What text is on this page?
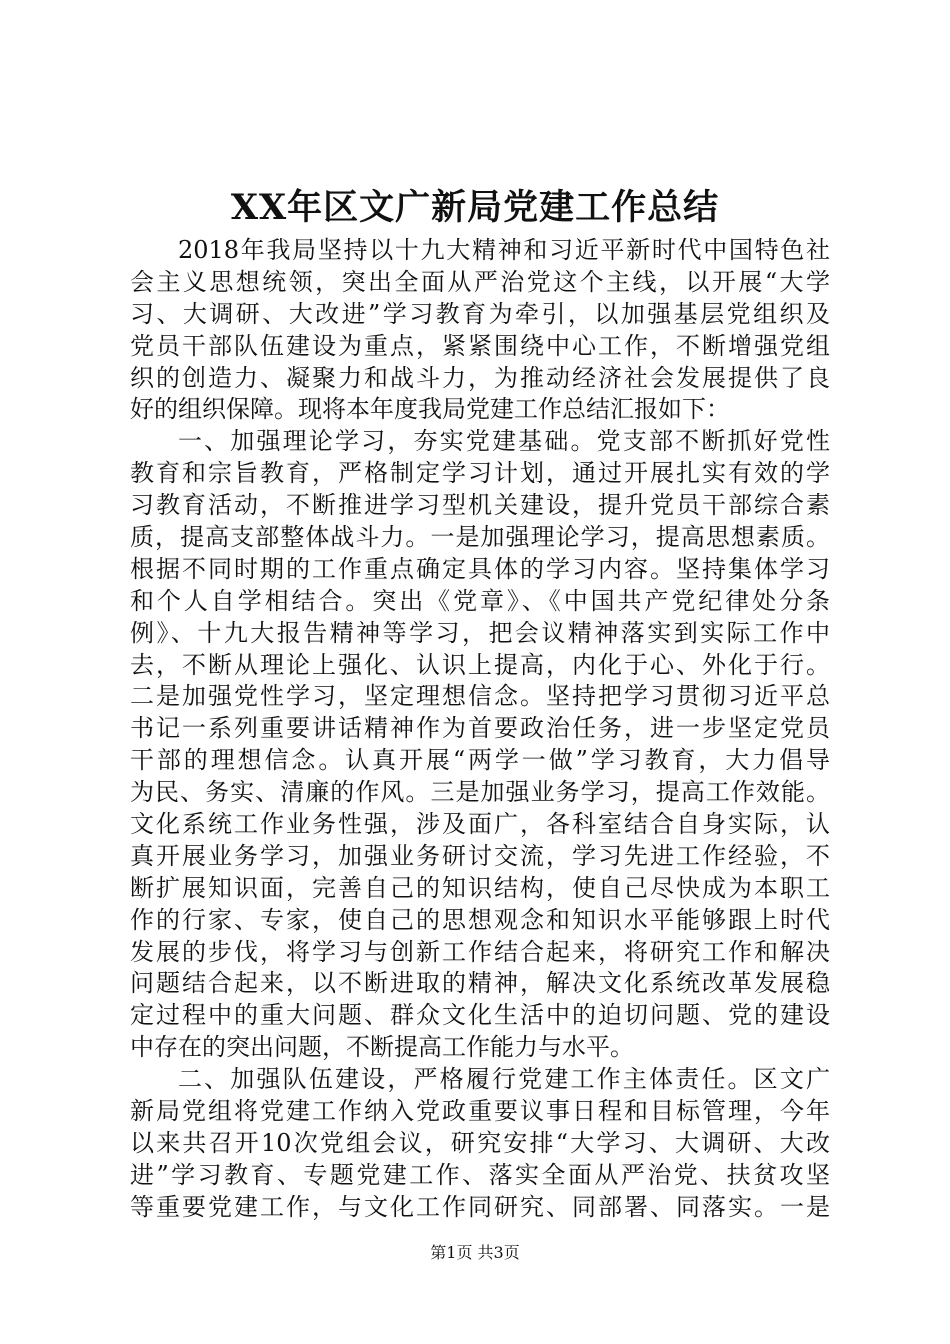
XX年区文广新局党建工作总结
2018年我局坚持以十九大精神和习近平新时代中国特色社
会主义思想统领，突出全面从严治党这个主线，以开展“大学
习、大调研、大改进”学习教育为牵引，以加强基层党组织及
党员干部队伍建设为重点，紧紧围绕中心工作，不断增强党组
织的创造力、凝聚力和战斗力，为推动经济社会发展提供了良
好的组织保障。现将本年度我局党建工作总结汇报如下：
一、加强理论学习，夯实党建基础。党支部不断抓好党性
教育和宗旨教育，严格制定学习计划，通过开展扎实有效的学
习教育活动，不断推进学习型机关建设，提升党员干部综合素
质，提高支部整体战斗力。一是加强理论学习，提高思想素质。
根据不同时期的工作重点确定具体的学习内容。坚持集体学习
和个人自学相结合。突出《党章》、《中国共产党纪律处分条
例》、十九大报告精神等学习，把会议精神落实到实际工作中
去，不断从理论上强化、认识上提高，内化于心、外化于行。
二是加强党性学习，坚定理想信念。坚持把学习贯彻习近平总
书记一系列重要讲话精神作为首要政治任务，进一步坚定党员
干部的理想信念。认真开展“两学一做”学习教育，大力倡导
为民、务实、清廉的作风。三是加强业务学习，提高工作效能。
文化系统工作业务性强，涉及面广，各科室结合自身实际，认
真开展业务学习，加强业务研讨交流，学习先进工作经验，不
断扩展知识面，完善自己的知识结构，使自己尽快成为本职工
作的行家、专家，使自己的思想观念和知识水平能够跟上时代
发展的步伐，将学习与创新工作结合起来，将研究工作和解决
问题结合起来，以不断进取的精神，解决文化系统改革发展稳
定过程中的重大问题、群众文化生活中的迫切问题、党的建设
中存在的突出问题，不断提高工作能力与水平。
二、加强队伍建设，严格履行党建工作主体责任。区文广
新局党组将党建工作纳入党政重要议事日程和目标管理，今年
以来共召开10次党组会议，研究安排“大学习、大调研、大改
进”学习教育、专题党建工作、落实全面从严治党、扶贫攻坚
等重要党建工作，与文化工作同研究、同部署、同落实。一是
第1页 共3页
